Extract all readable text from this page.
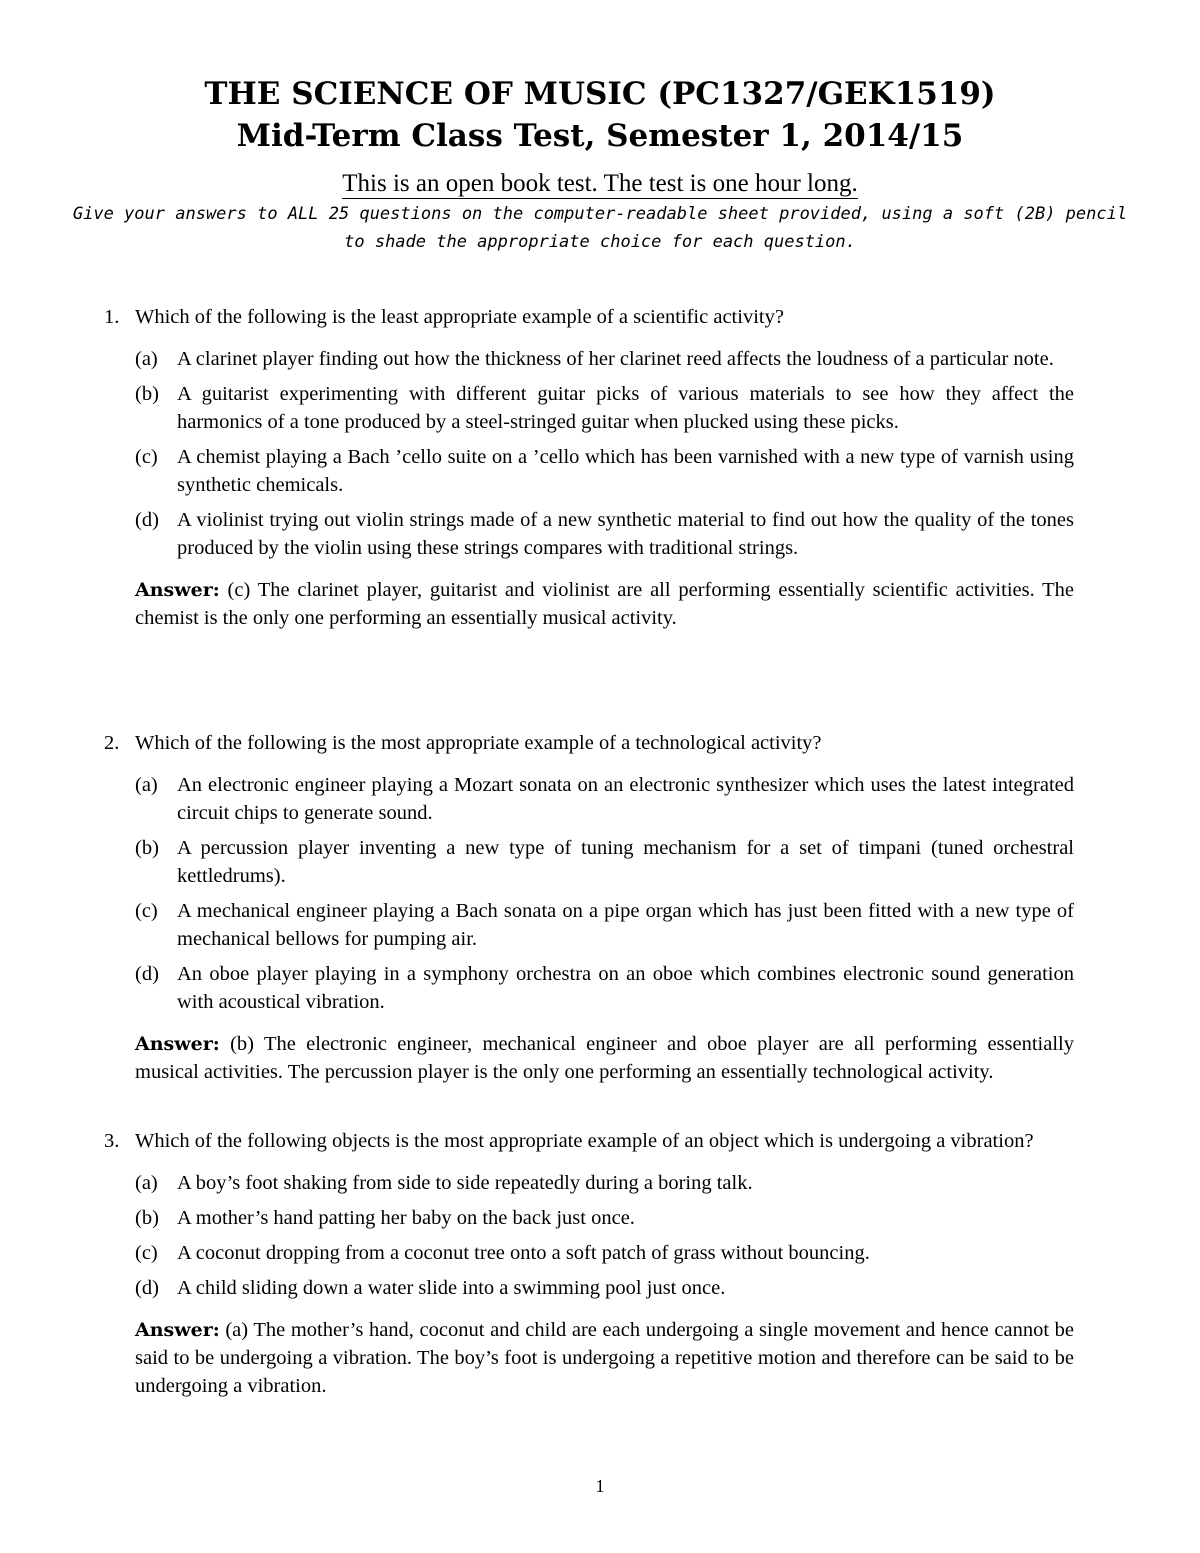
THE SCIENCE OF MUSIC (PC1327/GEK1519)
Mid-Term Class Test, Semester 1, 2014/15
This is an open book test. The test is one hour long.
Give your answers to ALL 25 questions on the computer-readable sheet provided, using a soft (2B) pencil to shade the appropriate choice for each question.
1. Which of the following is the least appropriate example of a scientific activity?
(a) A clarinet player finding out how the thickness of her clarinet reed affects the loudness of a particular note.
(b) A guitarist experimenting with different guitar picks of various materials to see how they affect the harmonics of a tone produced by a steel-stringed guitar when plucked using these picks.
(c) A chemist playing a Bach ’cello suite on a ’cello which has been varnished with a new type of varnish using synthetic chemicals.
(d) A violinist trying out violin strings made of a new synthetic material to find out how the quality of the tones produced by the violin using these strings compares with traditional strings.
Answer: (c) The clarinet player, guitarist and violinist are all performing essentially scientific activities. The chemist is the only one performing an essentially musical activity.
2. Which of the following is the most appropriate example of a technological activity?
(a) An electronic engineer playing a Mozart sonata on an electronic synthesizer which uses the latest integrated circuit chips to generate sound.
(b) A percussion player inventing a new type of tuning mechanism for a set of timpani (tuned orchestral kettledrums).
(c) A mechanical engineer playing a Bach sonata on a pipe organ which has just been fitted with a new type of mechanical bellows for pumping air.
(d) An oboe player playing in a symphony orchestra on an oboe which combines electronic sound generation with acoustical vibration.
Answer: (b) The electronic engineer, mechanical engineer and oboe player are all performing essentially musical activities. The percussion player is the only one performing an essentially technological activity.
3. Which of the following objects is the most appropriate example of an object which is undergoing a vibration?
(a) A boy’s foot shaking from side to side repeatedly during a boring talk.
(b) A mother’s hand patting her baby on the back just once.
(c) A coconut dropping from a coconut tree onto a soft patch of grass without bouncing.
(d) A child sliding down a water slide into a swimming pool just once.
Answer: (a) The mother’s hand, coconut and child are each undergoing a single movement and hence cannot be said to be undergoing a vibration. The boy’s foot is undergoing a repetitive motion and therefore can be said to be undergoing a vibration.
1
